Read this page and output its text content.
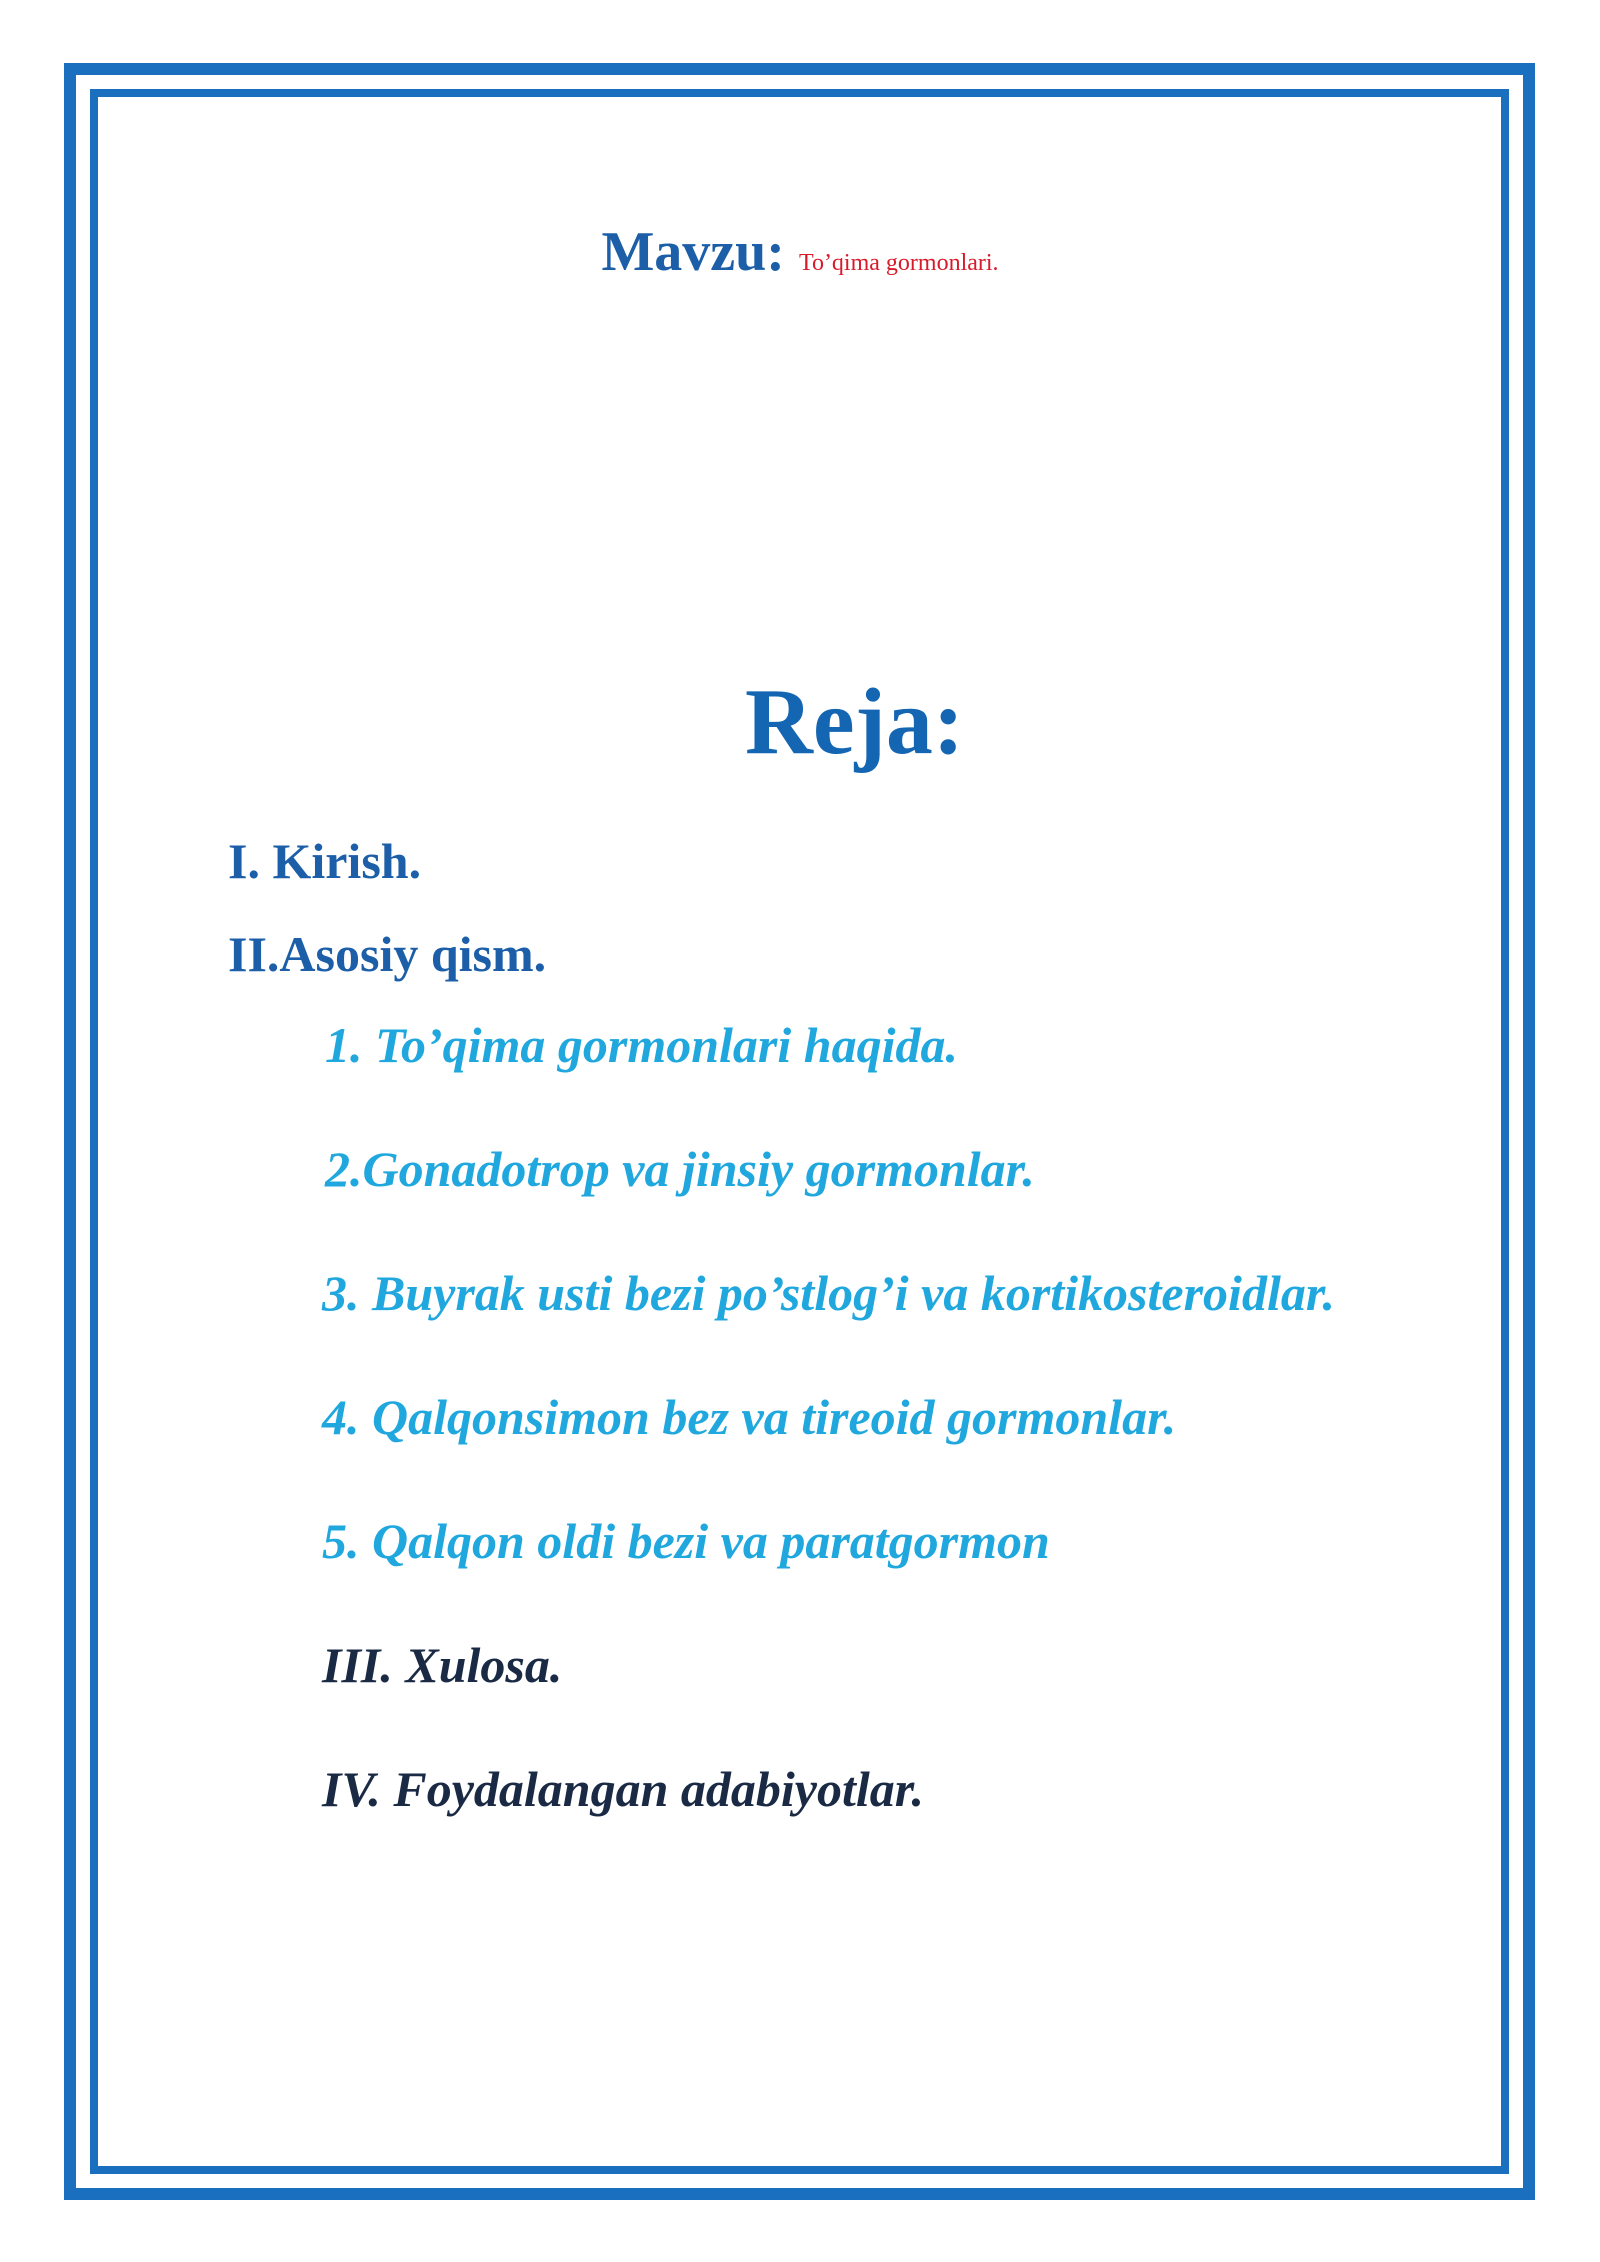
Mavzu: To’qima gormonlari.
Reja:
I. Kirish.
II.Asosiy qism.
1. To’qima gormonlari haqida.
2.Gonadotrop va jinsiy gormonlar.
3. Buyrak usti bezi po’stlog’i va kortikosteroidlar.
4. Qalqonsimon bez va tireoid gormonlar.
5. Qalqon oldi bezi va paratgormon
III. Xulosa.
IV. Foydalangan adabiyotlar.
